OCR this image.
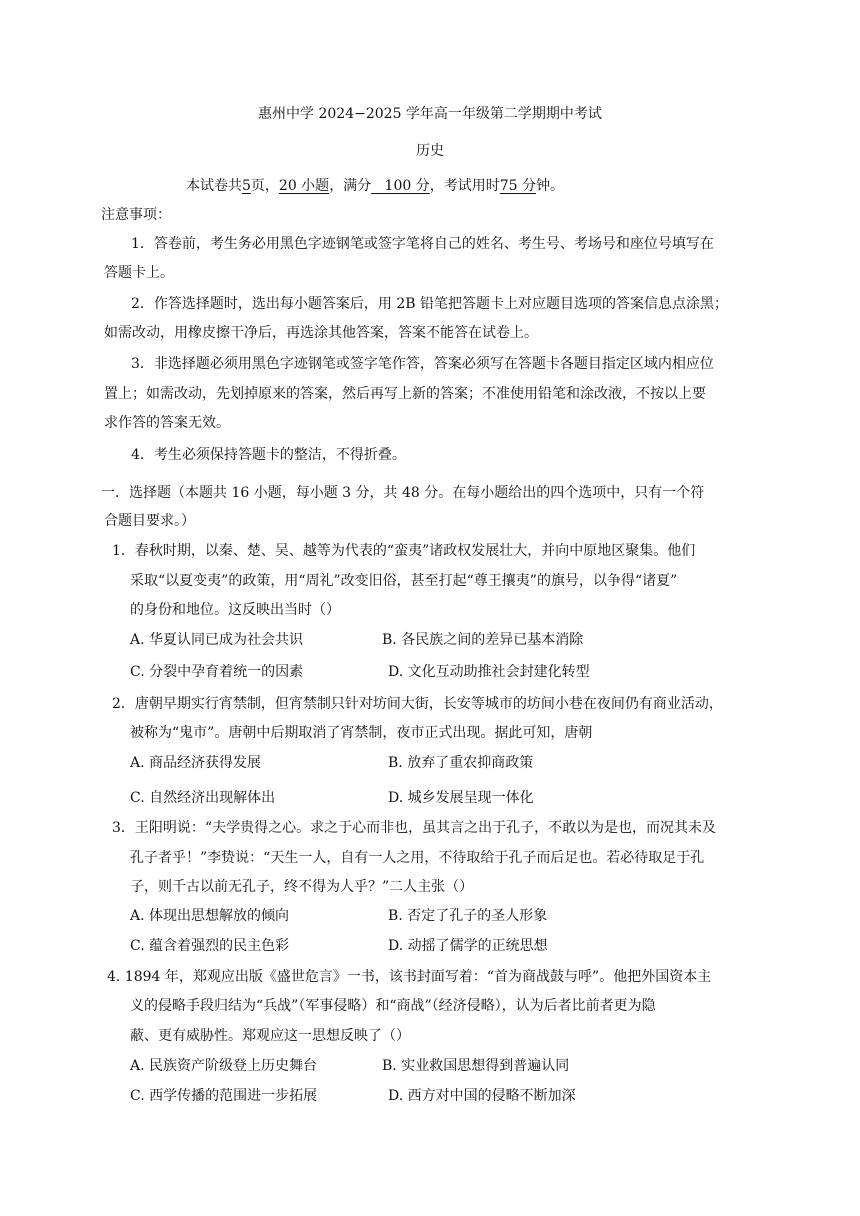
惠州中学 2024−2025 学年高一年级第二学期期中考试
历史
本试卷共5页，20 小题，满分   100 分，考试用时75 分钟。
注意事项：
1．答卷前，考生务必用黑色字迹钢笔或签字笔将自己的姓名、考生号、考场号和座位号填写在
答题卡上。
2．作答选择题时，选出每小题答案后，用 2B 铅笔把答题卡上对应题目选项的答案信息点涂黑；
如需改动，用橡皮擦干净后，再选涂其他答案，答案不能答在试卷上。
3．非选择题必须用黑色字迹钢笔或签字笔作答，答案必须写在答题卡各题目指定区域内相应位
置上；如需改动，先划掉原来的答案，然后再写上新的答案；不准使用铅笔和涂改液，不按以上要
求作答的答案无效。
4．考生必须保持答题卡的整洁，不得折叠。
一．选择题（本题共 16 小题，每小题 3 分，共 48 分。在每小题给出的四个选项中，只有一个符
合题目要求。）
1．春秋时期，以秦、楚、吴、越等为代表的“蛮夷”诸政权发展壮大，并向中原地区聚集。他们
采取“以夏变夷”的政策，用“周礼”改变旧俗，甚至打起“尊王攘夷”的旗号，以争得“诸夏”
的身份和地位。这反映出当时（）
A. 华夏认同已成为社会共识	B. 各民族之间的差异已基本消除
C. 分裂中孕育着统一的因素	D. 文化互动助推社会封建化转型
2．唐朝早期实行宵禁制，但宵禁制只针对坊间大街，长安等城市的坊间小巷在夜间仍有商业活动，
被称为“鬼市”。唐朝中后期取消了宵禁制，夜市正式出现。据此可知，唐朝
A. 商品经济获得发展	B. 放弃了重农抑商政策
C. 自然经济出现解体出	D. 城乡发展呈现一体化
3．王阳明说：“夫学贵得之心。求之于心而非也，虽其言之出于孔子，不敢以为是也，而况其未及
孔子者乎！”李贽说：“天生一人，自有一人之用，不待取给于孔子而后足也。若必待取足于孔
子，则千古以前无孔子，终不得为人乎？”二人主张（）
A. 体现出思想解放的倾向	B. 否定了孔子的圣人形象
C. 蕴含着强烈的民主色彩	D. 动摇了儒学的正统思想
4. 1894 年，郑观应出版《盛世危言》一书，该书封面写着：“首为商战鼓与呼”。他把外国资本主
义的侵略手段归结为“兵战”（军事侵略）和“商战”（经济侵略），认为后者比前者更为隐
蔽、更有威胁性。郑观应这一思想反映了（）
A. 民族资产阶级登上历史舞台	B. 实业救国思想得到普遍认同
C. 西学传播的范围进一步拓展	D. 西方对中国的侵略不断加深
